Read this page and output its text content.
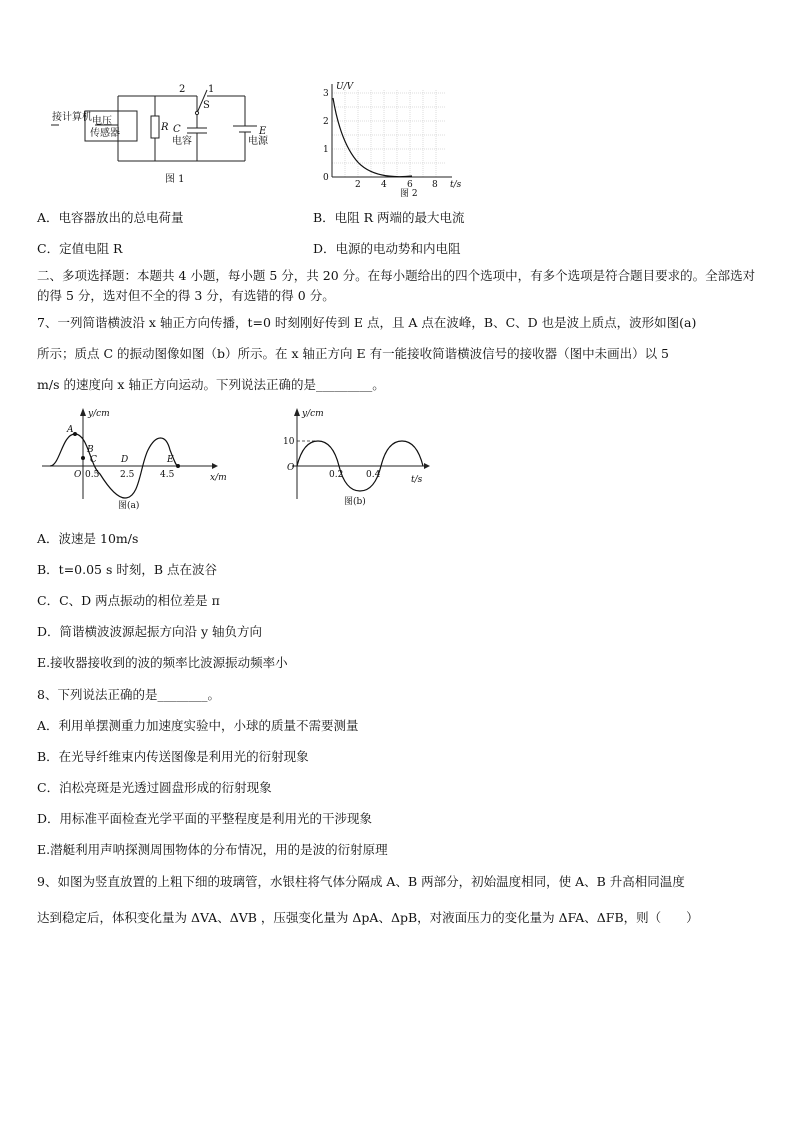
接计算机 电压
传感器
R C
电容
E
电源
S
1
2
图 1
U/V
3
2
1
0
2 4 6 8 t/s
图 2
A．电容器放出的总电荷量	B．电阻 R 两端的最大电流
C．定值电阻 R	D．电源的电动势和内电阻
二、多项选择题：本题共 4 小题，每小题 5 分，共 20 分。在每小题给出的四个选项中，有多个选项是符合题目要求的。全部选对的得 5 分，选对但不全的得 3 分，有选错的得 0 分。
7、一列简谐横波沿 x 轴正方向传播，t=0 时刻刚好传到 E 点，且 A 点在波峰，B、C、D 也是波上质点，波形如图(a)
所示；质点 C 的振动图像如图（b）所示。在 x 轴正方向 E 有一能接收简谐横波信号的接收器（图中未画出）以 5
m/s 的速度向 x 轴正方向运动。下列说法正确的是_________。
y/cm
A
B
C	D	E
O 0.5 2.5	4.5	x/m
图(a)
y/cm
10
O
0.2	0.4	t/s
图(b)
A．波速是 10m/s
B．t=0.05 s 时刻，B 点在波谷
C．C、D 两点振动的相位差是 π
D．简谐横波波源起振方向沿 y 轴负方向
E.接收器接收到的波的频率比波源振动频率小
8、下列说法正确的是________。
A．利用单摆测重力加速度实验中，小球的质量不需要测量
B．在光导纤维束内传送图像是利用光的衍射现象
C．泊松亮斑是光透过圆盘形成的衍射现象
D．用标准平面检查光学平面的平整程度是利用光的干涉现象
E.潜艇利用声呐探测周围物体的分布情况，用的是波的衍射原理
9、如图为竖直放置的上粗下细的玻璃管，水银柱将气体分隔成 A、B 两部分，初始温度相同，使 A、B 升高相同温度
达到稳定后，体积变化量为 ΔVA、ΔVB ，压强变化量为 ΔpA、ΔpB，对液面压力的变化量为 ΔFA、ΔFB，则（　　）
